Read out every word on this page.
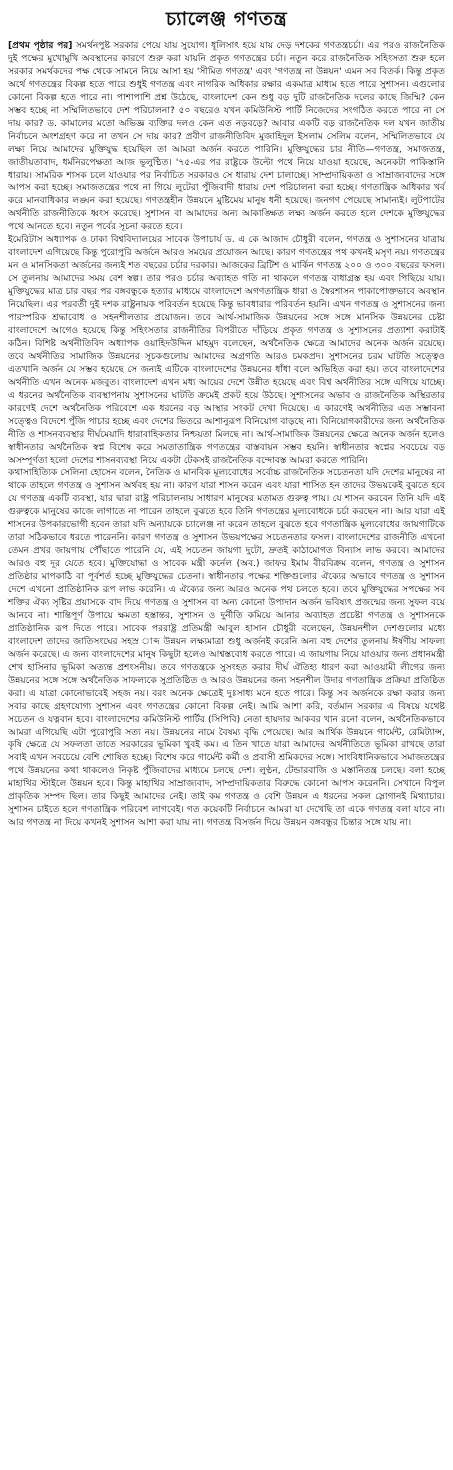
চ্যালেঞ্জ গণতন্ত্র

[প্রথম পৃষ্ঠার পর] সমর্থনপুষ্ট সরকার পেয়ে যায় সুযোগ। ধূলিসাৎ হয়ে যায় দেড় দশকের গণতন্ত্রচর্চা। এর পরও রাজনৈতিক দুই পক্ষের মুখোমুখি অবস্থানের কারণে শুরু করা যায়নি প্রকৃত গণতন্ত্রের চর্চা। নতুন করে রাজনৈতিক সহিংসতা শুরু হলে সরকার সমর্থকদের পক্ষ থেকে সামনে নিয়ে আসা হয় 'সীমিত গণতন্ত্র' এবং 'গণতন্ত্র না উন্নয়ন' এমন সব বিতর্ক। কিন্তু প্রকৃত অর্থে গণতন্ত্রের বিকল্প হতে পারে শুধুই গণতন্ত্র এবং নাগরিক অধিকার রক্ষার একমাত্র মাধ্যম হতে পারে সুশাসন। এগুলোর কোনো বিকল্প হতে পারে না। পাশাপাশি প্রশ্ন উঠেছে, বাংলাদেশ কেন শুধু বড় দুটি রাজনৈতিক দলের কাছে জিম্মি? কেন সম্ভব হচ্ছে না সম্মিলিতভাবে দেশ পরিচালনা? ৫০ বছরেও যখন কমিউনিস্ট পার্টি নিজেদের সংগঠিত করতে পারে না সে দায় কার? ড. কামালের মতো অভিজ্ঞ ব্যক্তির দলও কেন এত নড়বড়ে? আবার একটি বড় রাজনৈতিক দল যখন জাতীয় নির্বাচনে অংশগ্রহণ করে না তখন সে দায় কার? প্রবীণ রাজনীতিবিদ মুজাহিদুল ইসলাম সেলিম বলেন, সম্মিলিতভাবে যে লক্ষ্য নিয়ে আমাদের মুক্তিযুদ্ধ হয়েছিল তা আমরা অর্জন করতে পারিনি। মুক্তিযুদ্ধের চার নীতি—গণতন্ত্র, সমাজতন্ত্র, জাতীয়তাবাদ, ধর্মনিরপেক্ষতা আজ ভূলুণ্ঠিত। '৭৫-এর পর রাষ্ট্রকে উল্টো পথে নিয়ে যাওয়া হয়েছে, অনেকটা পাকিস্তানি ধারায়। সামরিক শাসক চলে যাওয়ার পর নির্বাচিত সরকারও সে ধারায় দেশ চালাচ্ছে। সাম্প্রদায়িকতা ও সাম্রাজ্যবাদের সঙ্গে আপস করা হচ্ছে। সমাজতন্ত্রের পথে না গিয়ে লুটেরা পুঁজিবাদী ধারায় দেশ পরিচালনা করা হচ্ছে। গণতান্ত্রিক অধিকার খর্ব করে মানবাধিকার লঙ্ঘন করা হয়েছে। গণতন্ত্রহীন উন্নয়নে মুষ্টিমেয় মানুষ ধনী হয়েছে। জনগণ পেয়েছে সামান্যই। লুটপাটের অর্থনীতি রাজনীতিকে ধ্বংস করেছে। সুশাসন বা আমাদের অন্য আকাঙ্ক্ষিত লক্ষ্য অর্জন করতে হলে দেশকে মুক্তিযুদ্ধের পথে আনতে হবে। নতুন পর্বের সূচনা করতে হবে।

ইমেরিটাস অধ্যাপক ও ঢাকা বিশ্ববিদ্যালয়ের সাবেক উপাচার্য ড. এ কে আজাদ চৌধুরী বলেন, গণতন্ত্র ও সুশাসনের যাত্রায় বাংলাদেশ এগিয়েছে কিন্তু পুরোপুরি অর্জনে আরও সময়ের প্রয়োজন আছে। কারণ গণতন্ত্রের পথ কখনই মসৃণ নয়। গণতন্ত্রের মন ও মানসিকতা অর্জনের জন্যই শত বছরের চর্চার দরকার। আজকের ব্রিটিশ ও মার্কিন গণতন্ত্র ২০০ ও ৩০০ বছরের ফসল। সে তুলনায় আমাদের সময় বেশ স্বল্প। তার পরও চর্চার অব্যাহত গতি না থাকলে গণতন্ত্র বাধাগ্রস্ত হয় এবং পিছিয়ে যায়। মুক্তিযুদ্ধের মাত্র চার বছর পর বঙ্গবন্ধুকে হত্যার মাধ্যমে বাংলাদেশে অগণতান্ত্রিক ধারা ও স্বৈরশাসন পাকাপোক্তভাবে অবস্থান নিয়েছিল। এর পরবর্তী দুই দশক রাষ্ট্রনায়ক পরিবর্তন হয়েছে কিন্তু ভাবধারার পরিবর্তন হয়নি। এখন গণতন্ত্র ও সুশাসনের জন্য পারস্পরিক শ্রদ্ধাবোধ ও সহনশীলতার প্রয়োজন। তবে আর্থ-সামাজিক উন্নয়নের সঙ্গে সঙ্গে মানসিক উন্নয়নের চেষ্টা বাংলাদেশে আগেও হয়েছে কিন্তু সহিংসতার রাজনীতির বিপরীতে দাঁড়িয়ে প্রকৃত গণতন্ত্র ও সুশাসনের প্রত্যাশা করাটাই কঠিন। বিশিষ্ট অর্থনীতিবিদ অধ্যাপক ওয়াহিদউদ্দিন মাহমুদ বলেছেন, অর্থনৈতিক ক্ষেত্রে আমাদের অনেক অর্জন রয়েছে। তবে অর্থনীতির সামাজিক উন্নয়নের সূচকগুলোয় আমাদের অগ্রগতি আরও চমকপ্রদ। সুশাসনের চরম ঘাটতি সত্ত্বেও এতখানি অর্জন যে সম্ভব হয়েছে সে জন্যই এটিকে বাংলাদেশের উন্নয়নের ধাঁধা বলে অভিহিত করা হয়। তবে বাংলাদেশের অর্থনীতি এখন অনেক মজবুত। বাংলাদেশ এখন মধ্য আয়ের দেশে উন্নীত হয়েছে এবং বিশ্ব অর্থনীতির সঙ্গে এগিয়ে যাচ্ছে। এ ধরনের অর্থনৈতিক ব্যবস্থাপনায় সুশাসনের ঘাটতি ক্রমেই প্রকট হয়ে উঠছে। সুশাসনের অভাব ও রাজনৈতিক অস্থিরতার কারণেই দেশে অর্থনৈতিক পরিবেশে এক ধরনের বড় আস্থার সংকট দেখা দিয়েছে। এ কারণেই অর্থনীতির এত সম্ভাবনা সত্ত্বেও বিদেশে পুঁজি পাচার হচ্ছে এবং দেশের ভিতরে আশানুরূপ বিনিয়োগ বাড়ছে না। বিনিয়োগকারীদের জন্য অর্থনৈতিক নীতি ও শাসনব্যবস্থার দীর্ঘমেয়াদি ধারাবাহিকতার নিশ্চয়তা মিলছে না। আর্থ-সামাজিক উন্নয়নের ক্ষেত্রে অনেক অর্জন হলেও স্বাধীনতার অর্থনৈতিক স্বপ্ন বিশেষ করে সমতাতান্ত্রিক গণতন্ত্রের বাস্তবায়ন সম্ভব হয়নি। স্বাধীনতার স্বপ্নের সবচেয়ে বড় অসম্পূর্ণতা হলো দেশের শাসনব্যবস্থা নিয়ে একটা টেকসই রাজনৈতিক বন্দোবস্ত আমরা করতে পারিনি।

কথাসাহিত্যিক সেলিনা হোসেন বলেন, নৈতিক ও মানবিক মূল্যবোধের সর্বোচ্চ রাজনৈতিক সচেতনতা যদি দেশের মানুষের না থাকে তাহলে গণতন্ত্র ও সুশাসন অর্থবহ হয় না। কারণ যারা শাসন করেন এবং যারা শাসিত হন তাদের উভয়কেই বুঝতে হবে যে গণতন্ত্র একটি ব্যবস্থা, যার দ্বারা রাষ্ট্র পরিচালনায় সাধারণ মানুষের মতামত গুরুত্ব পায়। যে শাসন করবেন তিনি যদি এই গুরুত্বকে মানুষের কাজে লাগাতে না পারেন তাহলে বুঝতে হবে তিনি গণতন্ত্রের মূল্যবোধকে চর্চা করছেন না। আর যারা এই শাসনের উপকারভোগী হবেন তারা যদি অন্যায়কে চ্যালেঞ্জ না করেন তাহলে বুঝতে হবে গণতান্ত্রিক মূল্যবোধের জায়গাটিকে তারা সঠিকভাবে ধরতে পারেননি। কারণ গণতন্ত্র ও সুশাসন উভয়পক্ষের সচেতনতার ফসল। বাংলাদেশের রাজনীতি এখনো তেমন প্রখর জায়গায় পৌঁছাতে পারেনি যে, এই সচেতন জায়গা দুটো, দ্রুতই কাঠামোগত বিন্যাস লাভ করবে। আমাদের আরও বহু দূর যেতে হবে। মুক্তিযোদ্ধা ও সাবেক মন্ত্রী কর্নেল (অব.) জাফর ইমাম বীরবিক্রম বলেন, গণতন্ত্র ও সুশাসন প্রতিষ্ঠার মাপকাঠি বা পূর্বশর্ত হচ্ছে মুক্তিযুদ্ধের চেতনা। স্বাধীনতার পক্ষের শক্তিগুলোর ঐক্যের অভাবে গণতন্ত্র ও সুশাসন দেশে এখনো প্রাতিষ্ঠানিক রূপ লাভ করেনি। এ ঐক্যের জন্য আরও অনেক পথ চলতে হবে। তবে মুক্তিযুদ্ধের সপক্ষের সব শক্তির ঐক্য সৃষ্টির প্রয়াসকে বাদ দিয়ে গণতন্ত্র ও সুশাসন বা অন্য কোনো উপাদান অর্জন ভবিষ্যৎ প্রজন্মের জন্য সুফল বয়ে আনবে না। শান্তিপূর্ণ উপায়ে ক্ষমতা হস্তান্তর, সুশাসন ও দুর্নীতি কমিয়ে আনার অব্যাহত প্রচেষ্টা গণতন্ত্র ও সুশাসনকে প্রাতিষ্ঠানিক রূপ দিতে পারে। সাবেক পররাষ্ট্র প্রতিমন্ত্রী আবুল হাসান চৌধুরী বলেছেন, উন্নয়নশীল দেশগুলোর মধ্যে বাংলাদেশ তাদের জাতিসংঘের সহস্র াব্দ উন্নয়ন লক্ষ্যমাত্রা শুধু অর্জনই করেনি অন্য বহু দেশের তুলনায় ঈর্ষণীয় সাফল্য অর্জন করেছে। এ জন্য বাংলাদেশের মানুষ কিছুটা হলেও আশ্বস্তবোধ করতে পারে। এ জায়গায় নিয়ে যাওয়ার জন্য প্রধানমন্ত্রী শেখ হাসিনার ভূমিকা অত্যন্ত প্রশংসনীয়। তবে গণতন্ত্রকে সুসংহত করার দীর্ঘ ঐতিহ্য ধারণ করা আওয়ামী লীগের জন্য উন্নয়নের সঙ্গে সঙ্গে অর্থনৈতিক সাফল্যকে সুপ্রতিষ্ঠিত ও আরও উন্নয়নের জন্য সহনশীল উদার গণতান্ত্রিক প্রক্রিয়া প্রতিষ্ঠিত করা। এ যাত্রা কোনোভাবেই সহজ নয়। বরং অনেক ক্ষেত্রেই দুঃসাধ্য মনে হতে পারে। কিন্তু সব অর্জনকে রক্ষা করার জন্য সবার কাছে গ্রহণযোগ্য সুশাসন এবং গণতন্ত্রের কোনো বিকল্প নেই। আমি আশা করি, বর্তমান সরকার এ বিষয়ে যথেষ্ট সচেতন ও যত্নবান হবে। বাংলাদেশের কমিউনিস্ট পার্টির (সিপিবি) নেতা হায়দার আকবর খান রনো বলেন, অর্থনৈতিকভাবে আমরা এগিয়েছি এটা পুরোপুরি সত্য নয়। উন্নয়নের নামে বৈষম্য বৃদ্ধি পেয়েছে। আর আর্থিক উন্নয়নে গার্মেন্ট, রেমিট্যান্স, কৃষি ক্ষেত্রে যে সফলতা তাতে সরকারের ভূমিকা খুবই কম। এ তিন খাতে যারা আমাদের অর্থনীতিতে ভূমিকা রাখছে তারা সবাই এখন সবচেয়ে বেশি শোষিত হচ্ছে। বিশেষ করে গার্মেন্ট কর্মী ও প্রবাসী শ্রমিকদের সঙ্গে। সাংবিধানিকভাবে সমাজতন্ত্রের পথে উন্নয়নের কথা থাকলেও নিকৃষ্ট পুঁজিবাদের মাধ্যমে চলছে দেশ। লুণ্ঠন, টেন্ডারবাজি ও মস্তানিতন্ত্র চলছে। বলা হচ্ছে মাহাথির স্টাইলে উন্নয়ন হবে। কিন্তু মাহাথির সাম্রাজ্যবাদ, সাম্প্রদায়িকতার বিরুদ্ধে কোনো আপস করেননি। সেখানে বিপুল প্রাকৃতিক সম্পদ ছিল। তার কিছুই আমাদের নেই। তাই কম গণতন্ত্র ও বেশি উন্নয়ন এ ধরনের সকল স্লোগানই মিথ্যাচার। সুশাসন চাইতে হলে গণতান্ত্রিক পরিবেশ লাগবেই। গত কয়েকটি নির্বাচনে আমরা যা দেখেছি তা একে গণতন্ত্র বলা যাবে না। আর গণতন্ত্র না দিয়ে কখনই সুশাসন আশা করা যায় না। গণতন্ত্র বিসর্জন দিয়ে উন্নয়ন বঙ্গবন্ধুর চিন্তার সঙ্গে যায় না।
